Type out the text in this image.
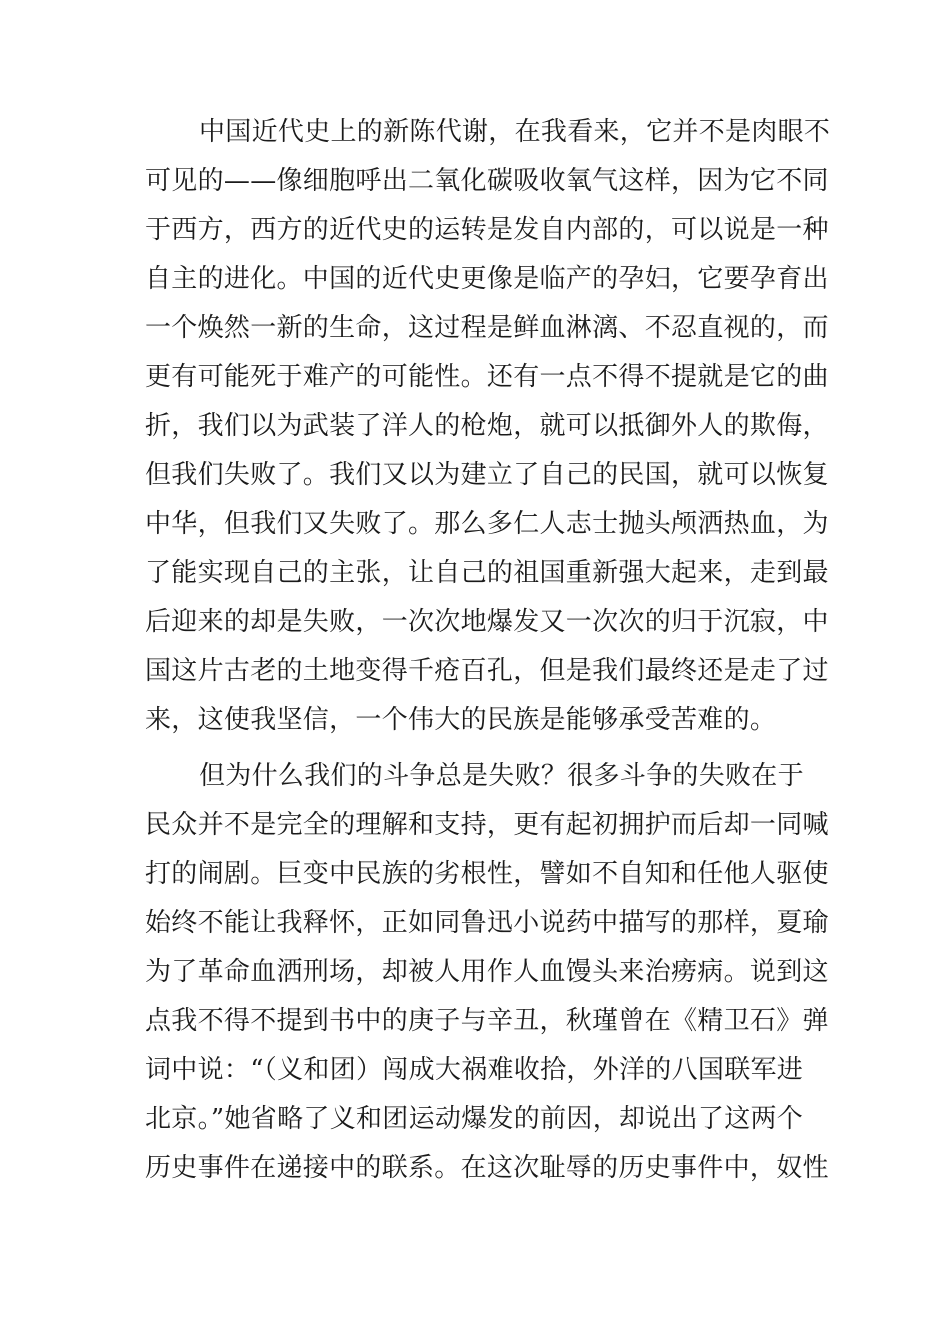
中国近代史上的新陈代谢，在我看来，它并不是肉眼不
可见的——像细胞呼出二氧化碳吸收氧气这样，因为它不同
于西方，西方的近代史的运转是发自内部的，可以说是一种
自主的进化。中国的近代史更像是临产的孕妇，它要孕育出
一个焕然一新的生命，这过程是鲜血淋漓、不忍直视的，而
更有可能死于难产的可能性。还有一点不得不提就是它的曲
折，我们以为武装了洋人的枪炮，就可以抵御外人的欺侮，
但我们失败了。我们又以为建立了自己的民国，就可以恢复
中华，但我们又失败了。那么多仁人志士抛头颅洒热血，为
了能实现自己的主张，让自己的祖国重新强大起来，走到最
后迎来的却是失败，一次次地爆发又一次次的归于沉寂，中
国这片古老的土地变得千疮百孔，但是我们最终还是走了过
来，这使我坚信，一个伟大的民族是能够承受苦难的。
但为什么我们的斗争总是失败？很多斗争的失败在于
民众并不是完全的理解和支持，更有起初拥护而后却一同喊
打的闹剧。巨变中民族的劣根性，譬如不自知和任他人驱使
始终不能让我释怀，正如同鲁迅小说药中描写的那样，夏瑜
为了革命血洒刑场，却被人用作人血馒头来治痨病。说到这
点我不得不提到书中的庚子与辛丑，秋瑾曾在《精卫石》弹
词中说：“（义和团）闯成大祸难收拾，外洋的八国联军进
北京。”她省略了义和团运动爆发的前因，却说出了这两个
历史事件在递接中的联系。在这次耻辱的历史事件中，奴性
